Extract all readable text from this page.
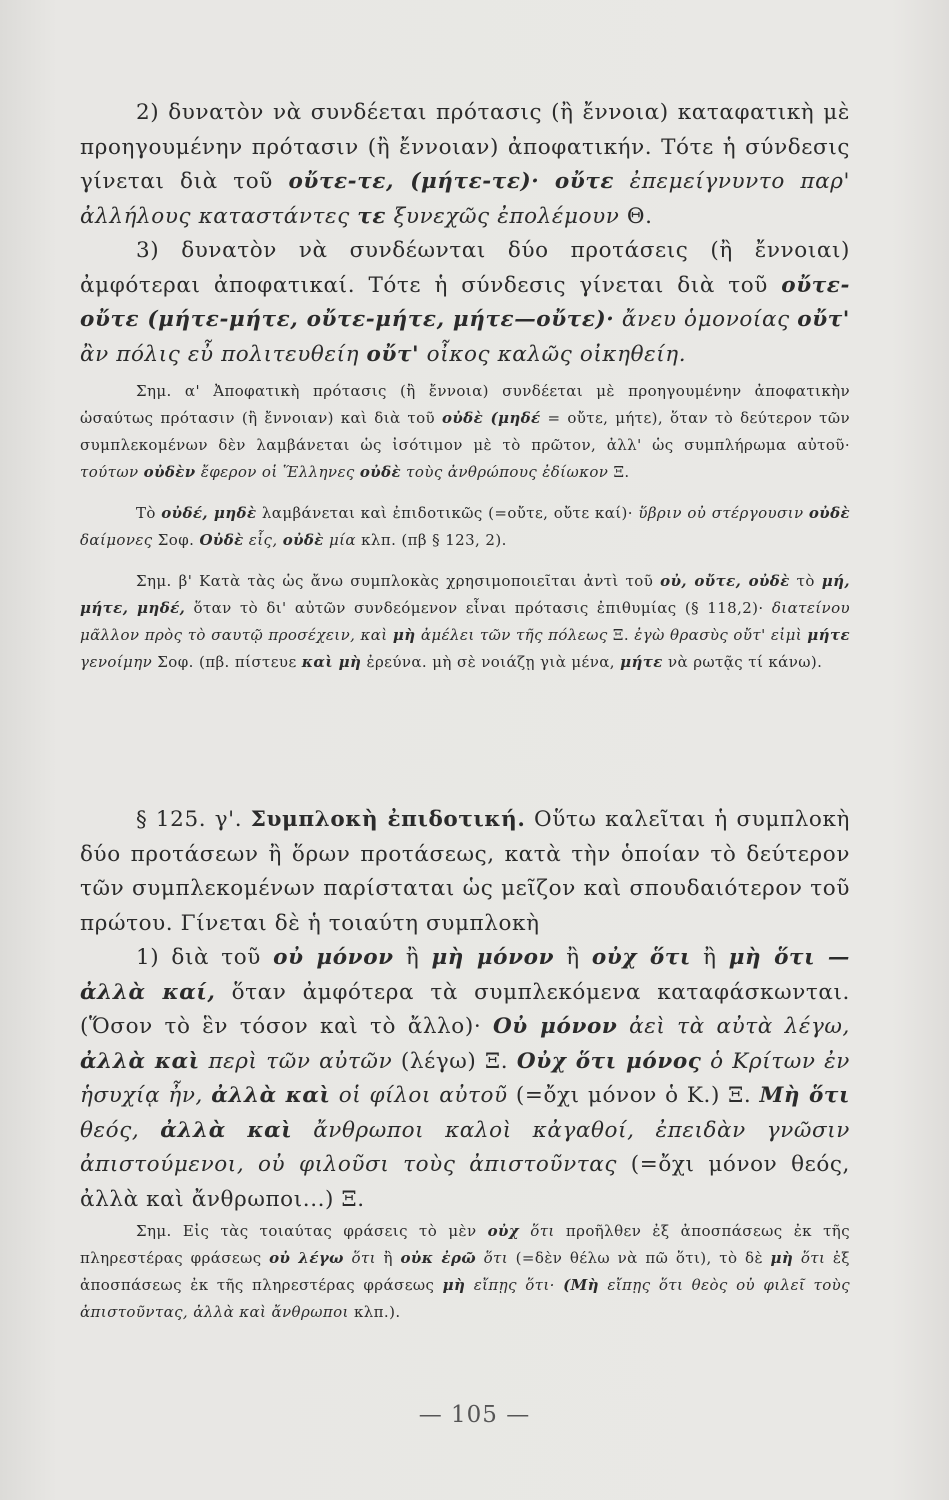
2) δυνατὸν νὰ συνδέεται πρότασις (ἢ ἔννοια) καταφατικὴ μὲ προηγουμένην πρότασιν (ἢ ἔννοιαν) ἀποφατικήν. Τότε ἡ σύνδεσις γίνεται διὰ τοῦ οὔτε-τε, (μήτε-τε)· οὔτε ἐπεμείγνυντο παρ' ἀλλήλους καταστάντες τε ξυνεχῶς ἐπολέμουν Θ.

3) δυνατὸν νὰ συνδέωνται δύο προτάσεις (ἢ ἔννοιαι) ἀμφότεραι ἀποφατικαί. Τότε ἡ σύνδεσις γίνεται διὰ τοῦ οὔτε-οὔτε (μήτε-μήτε, οὔτε-μήτε, μήτε—οὔτε)· ἄνευ ὁμονοίας οὔτ' ἂν πόλις εὖ πολιτευθείη οὔτ' οἶκος καλῶς οἰκηθείη.

Σημ. α' Ἀποφατικὴ πρότασις (ἢ ἔννοια) συνδέεται μὲ προηγουμένην ἀποφατικὴν ὡσαύτως πρότασιν (ἢ ἔννοιαν) καὶ διὰ τοῦ οὐδὲ (μηδέ = οὔτε, μήτε), ὅταν τὸ δεύτερον τῶν συμπλεκομένων δὲν λαμβάνεται ὡς ἰσότιμον μὲ τὸ πρῶτον, ἀλλ' ὡς συμπλήρωμα αὐτοῦ· τούτων οὐδὲν ἔφερον οἱ Ἕλληνες οὐδὲ τοὺς ἀνθρώπους ἐδίωκον Ξ.

Τὸ οὐδέ, μηδὲ λαμβάνεται καὶ ἐπιδοτικῶς (=οὔτε, οὔτε καί)· ὕβριν οὐ στέργουσιν οὐδὲ δαίμονες Σοφ. Οὐδὲ εἷς, οὐδὲ μία κλπ. (πβ § 123, 2).

Σημ. β' Κατὰ τὰς ὡς ἄνω συμπλοκὰς χρησιμοποιεῖται ἀντὶ τοῦ οὐ, οὔτε, οὐδὲ τὸ μή, μήτε, μηδέ, ὅταν τὸ δι' αὐτῶν συνδεόμενον εἶναι πρότασις ἐπιθυμίας (§ 118,2)· διατείνου μᾶλλον πρὸς τὸ σαυτῷ προσέχειν, καὶ μὴ ἀμέλει τῶν τῆς πόλεως Ξ. ἐγὼ θρασὺς οὔτ' εἰμὶ μήτε γενοίμην Σοφ. (πβ. πίστευε καὶ μὴ ἐρεύνα. μὴ σὲ νοιάζῃ γιὰ μένα, μήτε νὰ ρωτᾷς τί κάνω).

§ 125. γ'. Συμπλοκὴ ἐπιδοτική. Οὕτω καλεῖται ἡ συμπλοκὴ δύο προτάσεων ἢ ὅρων προτάσεως, κατὰ τὴν ὁποίαν τὸ δεύτερον τῶν συμπλεκομένων παρίσταται ὡς μεῖζον καὶ σπουδαιότερον τοῦ πρώτου. Γίνεται δὲ ἡ τοιαύτη συμπλοκὴ

1) διὰ τοῦ οὐ μόνον ἢ μὴ μόνον ἢ οὐχ ὅτι ἢ μὴ ὅτι — ἀλλὰ καί, ὅταν ἀμφότερα τὰ συμπλεκόμενα καταφάσκωνται. (Ὅσον τὸ ἓν τόσον καὶ τὸ ἄλλο)· Οὐ μόνον ἀεὶ τὰ αὐτὰ λέγω, ἀλλὰ καὶ περὶ τῶν αὐτῶν (λέγω) Ξ. Οὐχ ὅτι μόνος ὁ Κρίτων ἐν ἡσυχίᾳ ἦν, ἀλλὰ καὶ οἱ φίλοι αὐτοῦ (=ὄχι μόνον ὁ Κ.) Ξ. Μὴ ὅτι θεός, ἀλλὰ καὶ ἄνθρωποι καλοὶ κἀγαθοί, ἐπειδὰν γνῶσιν ἀπιστούμενοι, οὐ φιλοῦσι τοὺς ἀπιστοῦντας (=ὄχι μόνον θεός, ἀλλὰ καὶ ἄνθρωποι...) Ξ.

Σημ. Εἰς τὰς τοιαύτας φράσεις τὸ μὲν οὐχ ὅτι προῆλθεν ἐξ ἀποσπάσεως ἐκ τῆς πληρεστέρας φράσεως οὐ λέγω ὅτι ἢ οὐκ ἐρῶ ὅτι (=δὲν θέλω νὰ πῶ ὅτι), τὸ δὲ μὴ ὅτι ἐξ ἀποσπάσεως ἐκ τῆς πληρεστέρας φράσεως μὴ εἴπῃς ὅτι· (Μὴ εἴπῃς ὅτι θεὸς οὐ φιλεῖ τοὺς ἀπιστοῦντας, ἀλλὰ καὶ ἄνθρωποι κλπ.).

— 105 —
